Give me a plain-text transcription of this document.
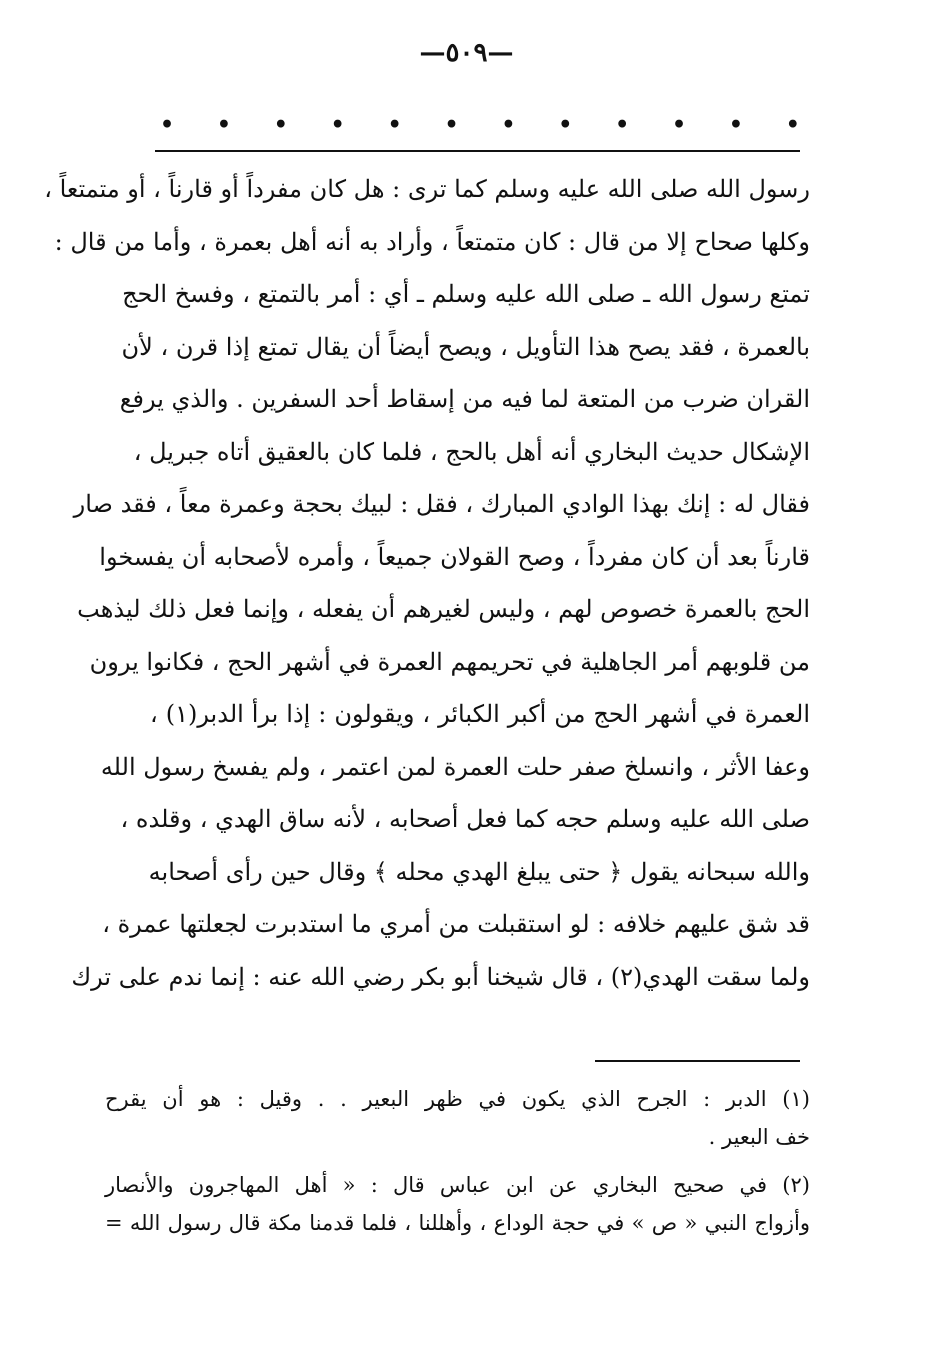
—٥٠٩—
• • • • • • • • • • • •
رسول الله صلى الله عليه وسلم كما ترى : هل كان مفرداً أو قارناً ، أو متمتعاً ،
وكلها صحاح إلا من قال : كان متمتعاً ، وأراد به أنه أهل بعمرة ، وأما من قال :
تمتع رسول الله ـ صلى الله عليه وسلم ـ أي : أمر بالتمتع ، وفسخ الحج
بالعمرة ، فقد يصح هذا التأويل ، ويصح أيضاً أن يقال تمتع إذا قرن ، لأن
القران ضرب من المتعة لما فيه من إسقاط أحد السفرين . والذي يرفع
الإشكال حديث البخاري أنه أهل بالحج ، فلما كان بالعقيق أتاه جبريل ،
فقال له : إنك بهذا الوادي المبارك ، فقل : لبيك بحجة وعمرة معاً ، فقد صار
قارناً بعد أن كان مفرداً ، وصح القولان جميعاً ، وأمره لأصحابه أن يفسخوا
الحج بالعمرة خصوص لهم ، وليس لغيرهم أن يفعله ، وإنما فعل ذلك ليذهب
من قلوبهم أمر الجاهلية في تحريمهم العمرة في أشهر الحج ، فكانوا يرون
العمرة في أشهر الحج من أكبر الكبائر ، ويقولون : إذا برأ الدبر(١) ،
وعفا الأثر ، وانسلخ صفر حلت العمرة لمن اعتمر ، ولم يفسخ رسول الله
صلى الله عليه وسلم حجه كما فعل أصحابه ، لأنه ساق الهدي ، وقلده ،
والله سبحانه يقول ﴿ حتى يبلغ الهدي محله ﴾ وقال حين رأى أصحابه
قد شق عليهم خلافه : لو استقبلت من أمري ما استدبرت لجعلتها عمرة ،
ولما سقت الهدي(٢) ، قال شيخنا أبو بكر رضي الله عنه : إنما ندم على ترك
(١) الدبر : الجرح الذي يكون في ظهر البعير . . وقيل : هو أن يقرح
خف البعير .
(٢) في صحيح البخاري عن ابن عباس قال : « أهل المهاجرون والأنصار
وأزواج النبي « ص » في حجة الوداع ، وأهللنا ، فلما قدمنا مكة قال رسول الله =
